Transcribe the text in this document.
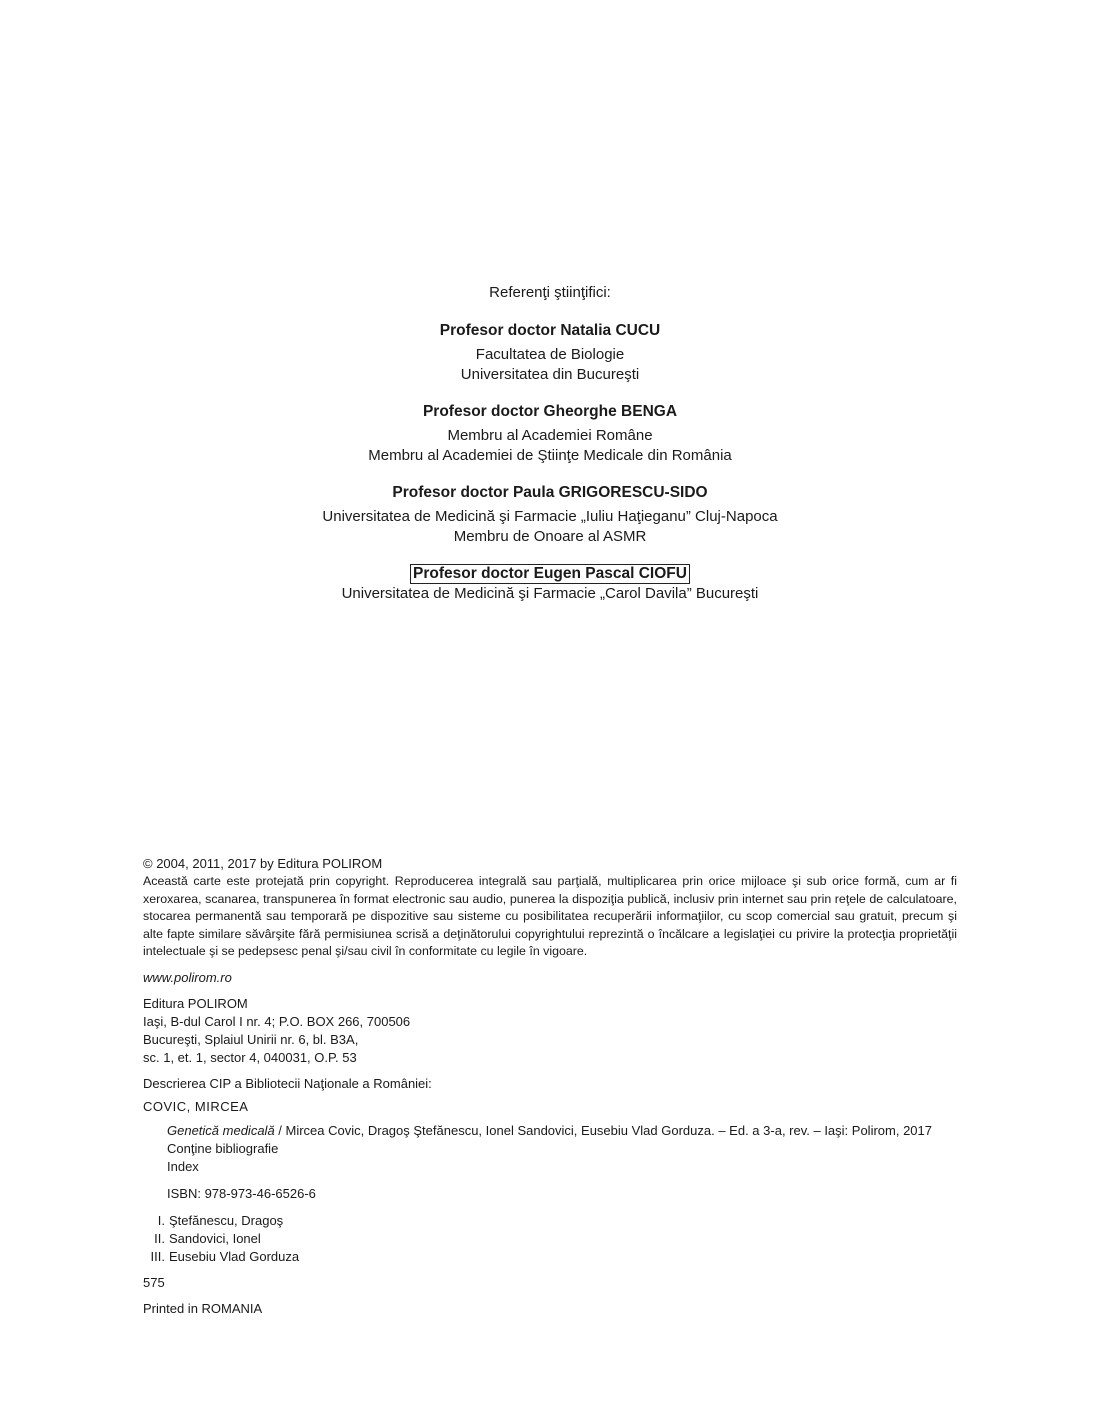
Referenţi ştiinţifici:

Profesor doctor Natalia CUCU
Facultatea de Biologie
Universitatea din Bucureşti
Profesor doctor Gheorghe BENGA
Membru al Academiei Române
Membru al Academiei de Ştiinţe Medicale din România
Profesor doctor Paula GRIGORESCU-SIDO
Universitatea de Medicină şi Farmacie „Iuliu Haţieganu” Cluj-Napoca
Membru de Onoare al ASMR
Profesor doctor Eugen Pascal CIOFU
Universitatea de Medicină şi Farmacie „Carol Davila” Bucureşti

© 2004, 2011, 2017 by Editura POLIROM

Această carte este protejată prin copyright. Reproducerea integrală sau parţială, multiplicarea prin orice mijloace şi sub orice formă, cum ar fi xeroxarea, scanarea, transpunerea în format electronic sau audio, punerea la dispoziţia publică, inclusiv prin internet sau prin reţele de calculatoare, stocarea permanentă sau temporară pe dispozitive sau sisteme cu posibilitatea recuperării informaţiilor, cu scop comercial sau gratuit, precum şi alte fapte similare săvârşite fără permisiunea scrisă a deţinătorului copyrightului reprezintă o încălcare a legislaţiei cu privire la protecţia proprietăţii intelectuale şi se pedepsesc penal şi/sau civil în conformitate cu legile în vigoare.

www.polirom.ro

Editura POLIROM
Iaşi, B-dul Carol I nr. 4; P.O. BOX 266, 700506
Bucureşti, Splaiul Unirii nr. 6, bl. B3A,
sc. 1, et. 1, sector 4, 040031, O.P. 53

Descrierea CIP a Bibliotecii Naţionale a României:

COVIC, MIRCEA

Genetică medicală / Mircea Covic, Dragoş Ştefănescu, Ionel Sandovici, Eusebiu Vlad Gorduza. – Ed. a 3-a, rev. – Iaşi: Polirom, 2017

Conţine bibliografie
Index

ISBN: 978-973-46-6526-6

I. Ştefănescu, Dragoş
II. Sandovici, Ionel
III. Eusebiu Vlad Gorduza

575

Printed in ROMANIA
